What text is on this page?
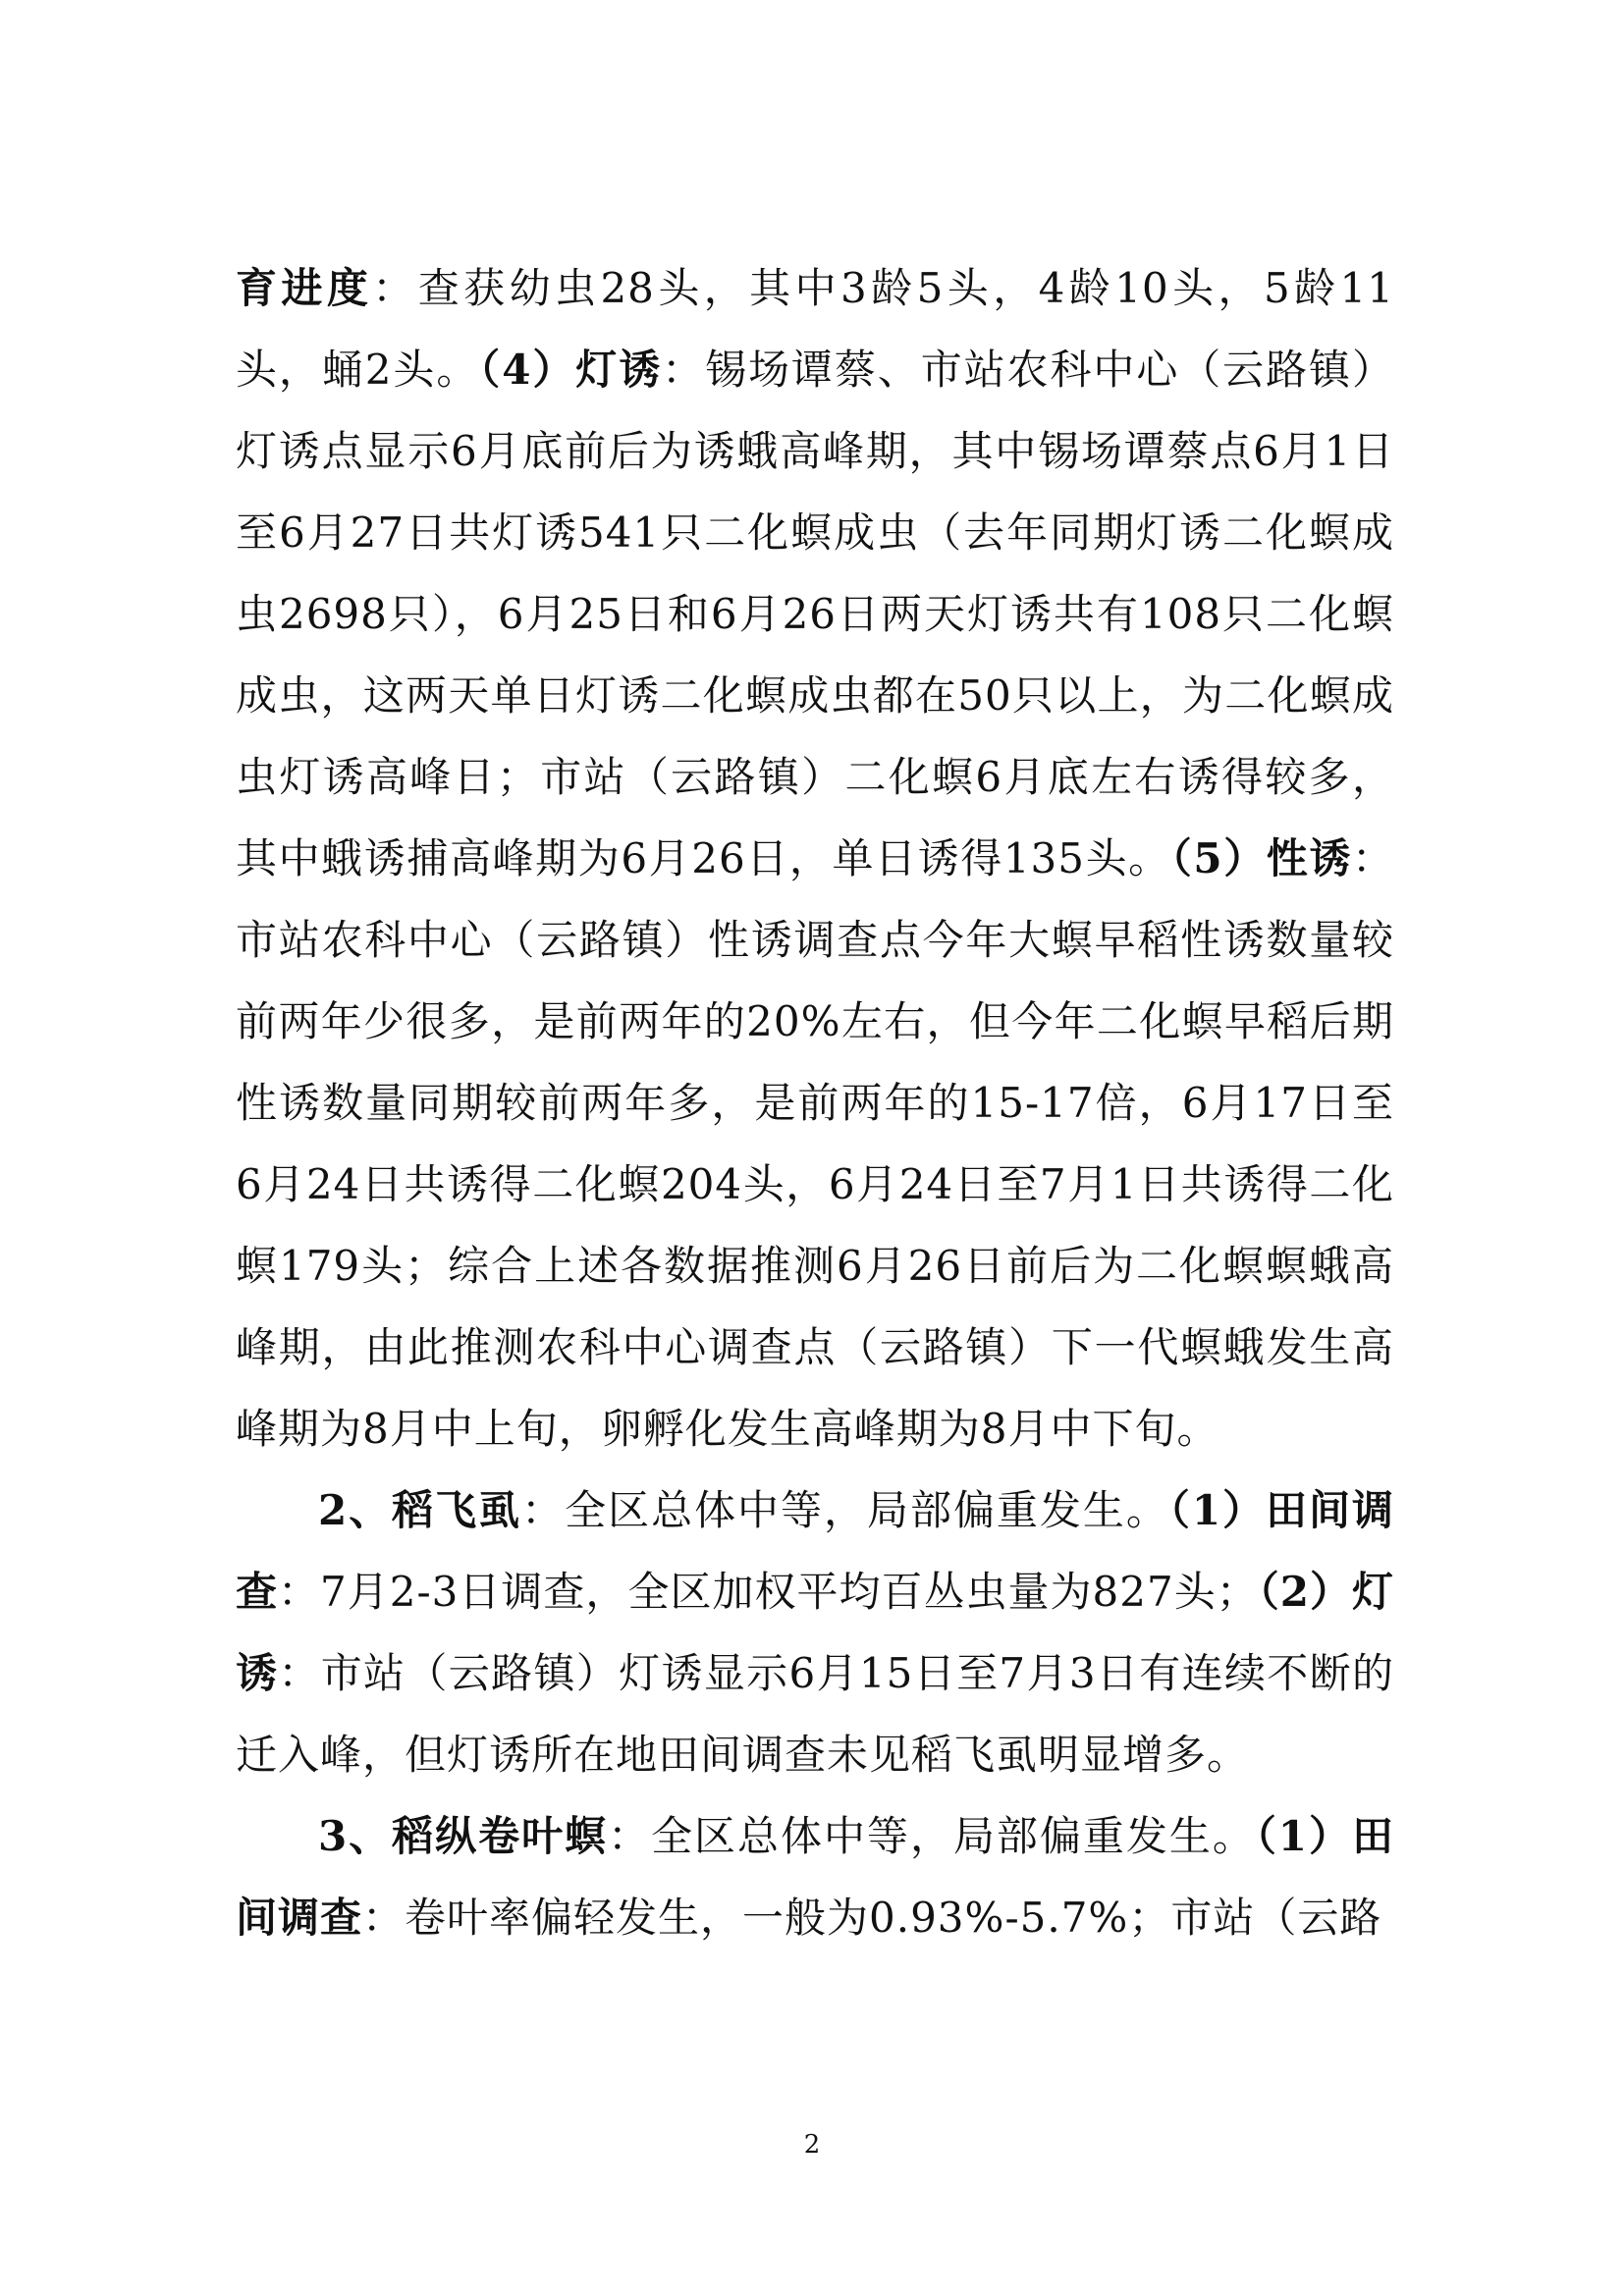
育进度：查获幼虫28头，其中3龄5头，4龄10头，5龄11头，蛹2头。（4）灯诱：锡场谭蔡、市站农科中心（云路镇）灯诱点显示6月底前后为诱蛾高峰期，其中锡场谭蔡点6月1日至6月27日共灯诱541只二化螟成虫（去年同期灯诱二化螟成虫2698只），6月25日和6月26日两天灯诱共有108只二化螟成虫，这两天单日灯诱二化螟成虫都在50只以上，为二化螟成虫灯诱高峰日；市站（云路镇）二化螟6月底左右诱得较多，其中蛾诱捕高峰期为6月26日，单日诱得135头。（5）性诱：市站农科中心（云路镇）性诱调查点今年大螟早稻性诱数量较前两年少很多，是前两年的20%左右，但今年二化螟早稻后期性诱数量同期较前两年多，是前两年的15-17倍，6月17日至6月24日共诱得二化螟204头，6月24日至7月1日共诱得二化螟179头；综合上述各数据推测6月26日前后为二化螟螟蛾高峰期，由此推测农科中心调查点（云路镇）下一代螟蛾发生高峰期为8月中上旬，卵孵化发生高峰期为8月中下旬。

2、稻飞虱：全区总体中等，局部偏重发生。（1）田间调查：7月2-3日调查，全区加权平均百丛虫量为827头；（2）灯诱：市站（云路镇）灯诱显示6月15日至7月3日有连续不断的迁入峰，但灯诱所在地田间调查未见稻飞虱明显增多。

3、稻纵卷叶螟：全区总体中等，局部偏重发生。（1）田间调查：卷叶率偏轻发生，一般为0.93%-5.7%；市站（云路

2
